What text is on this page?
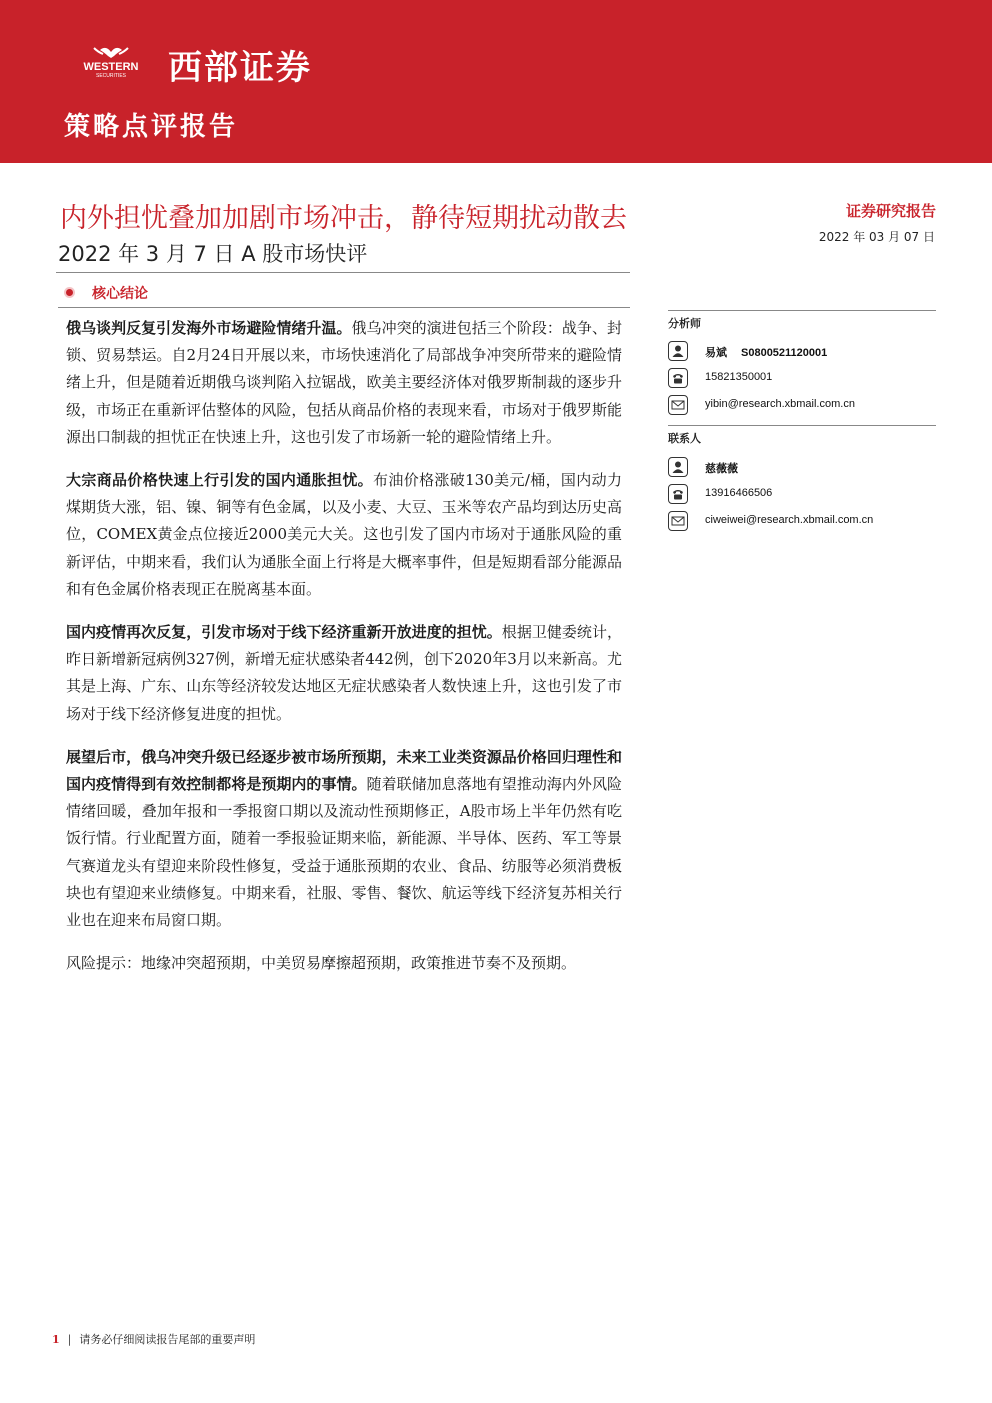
WESTERN
SECURITIES 西部证券
策略点评报告
内外担忧叠加加剧市场冲击，静待短期扰动散去
2022 年 3 月 7 日 A 股市场快评
证券研究报告
2022 年 03 月 07 日
核心结论

俄乌谈判反复引发海外市场避险情绪升温。俄乌冲突的演进包括三个阶段：战争、封锁、贸易禁运。自2月24日开展以来，市场快速消化了局部战争冲突所带来的避险情绪上升，但是随着近期俄乌谈判陷入拉锯战，欧美主要经济体对俄罗斯制裁的逐步升级，市场正在重新评估整体的风险，包括从商品价格的表现来看，市场对于俄罗斯能源出口制裁的担忧正在快速上升，这也引发了市场新一轮的避险情绪上升。

大宗商品价格快速上行引发的国内通胀担忧。布油价格涨破130美元/桶，国内动力煤期货大涨，铝、镍、铜等有色金属，以及小麦、大豆、玉米等农产品均到达历史高位，COMEX黄金点位接近2000美元大关。这也引发了国内市场对于通胀风险的重新评估，中期来看，我们认为通胀全面上行将是大概率事件，但是短期看部分能源品和有色金属价格表现正在脱离基本面。

国内疫情再次反复，引发市场对于线下经济重新开放进度的担忧。根据卫健委统计，昨日新增新冠病例327例，新增无症状感染者442例，创下2020年3月以来新高。尤其是上海、广东、山东等经济较发达地区无症状感染者人数快速上升，这也引发了市场对于线下经济修复进度的担忧。

展望后市，俄乌冲突升级已经逐步被市场所预期，未来工业类资源品价格回归理性和国内疫情得到有效控制都将是预期内的事情。随着联储加息落地有望推动海内外风险情绪回暖，叠加年报和一季报窗口期以及流动性预期修正，A股市场上半年仍然有吃饭行情。行业配置方面，随着一季报验证期来临，新能源、半导体、医药、军工等景气赛道龙头有望迎来阶段性修复，受益于通胀预期的农业、食品、纺服等必须消费板块也有望迎来业绩修复。中期来看，社服、零售、餐饮、航运等线下经济复苏相关行业也在迎来布局窗口期。

风险提示：地缘冲突超预期，中美贸易摩擦超预期，政策推进节奏不及预期。

分析师
易斌 S0800521120001
15821350001
yibin@research.xbmail.com.cn
联系人
慈薇薇
13916466506
ciweiwei@research.xbmail.com.cn
1 | 请务必仔细阅读报告尾部的重要声明
